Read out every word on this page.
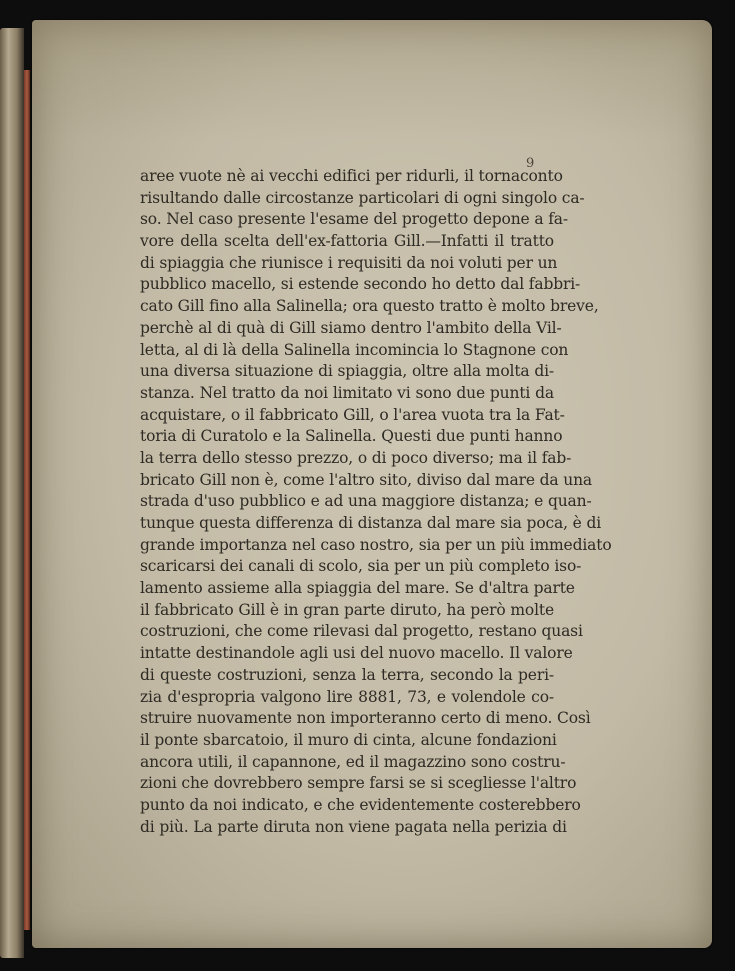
9

aree vuote nè ai vecchi edifici per ridurli, il tornaconto
risultando dalle circostanze particolari di ogni singolo ca-
so. Nel caso presente l'esame del progetto depone a fa-
vore della scelta dell'ex-fattoria Gill.—Infatti il tratto
di spiaggia che riunisce i requisiti da noi voluti per un
pubblico macello, si estende secondo ho detto dal fabbri-
cato Gill fino alla Salinella; ora questo tratto è molto breve,
perchè al di quà di Gill siamo dentro l'ambito della Vil-
letta, al di là della Salinella incomincia lo Stagnone con
una diversa situazione di spiaggia, oltre alla molta di-
stanza. Nel tratto da noi limitato vi sono due punti da
acquistare, o il fabbricato Gill, o l'area vuota tra la Fat-
toria di Curatolo e la Salinella. Questi due punti hanno
la terra dello stesso prezzo, o di poco diverso; ma il fab-
bricato Gill non è, come l'altro sito, diviso dal mare da una
strada d'uso pubblico e ad una maggiore distanza; e quan-
tunque questa differenza di distanza dal mare sia poca, è di
grande importanza nel caso nostro, sia per un più immediato
scaricarsi dei canali di scolo, sia per un più completo iso-
lamento assieme alla spiaggia del mare. Se d'altra parte
il fabbricato Gill è in gran parte diruto, ha però molte
costruzioni, che come rilevasi dal progetto, restano quasi
intatte destinandole agli usi del nuovo macello. Il valore
di queste costruzioni, senza la terra, secondo la peri-
zia d'espropria valgono lire 8881, 73, e volendole co-
struire nuovamente non importeranno certo di meno. Così
il ponte sbarcatoio, il muro di cinta, alcune fondazioni
ancora utili, il capannone, ed il magazzino sono costru-
zioni che dovrebbero sempre farsi se si scegliesse l'altro
punto da noi indicato, e che evidentemente costerebbero
di più. La parte diruta non viene pagata nella perizia di
